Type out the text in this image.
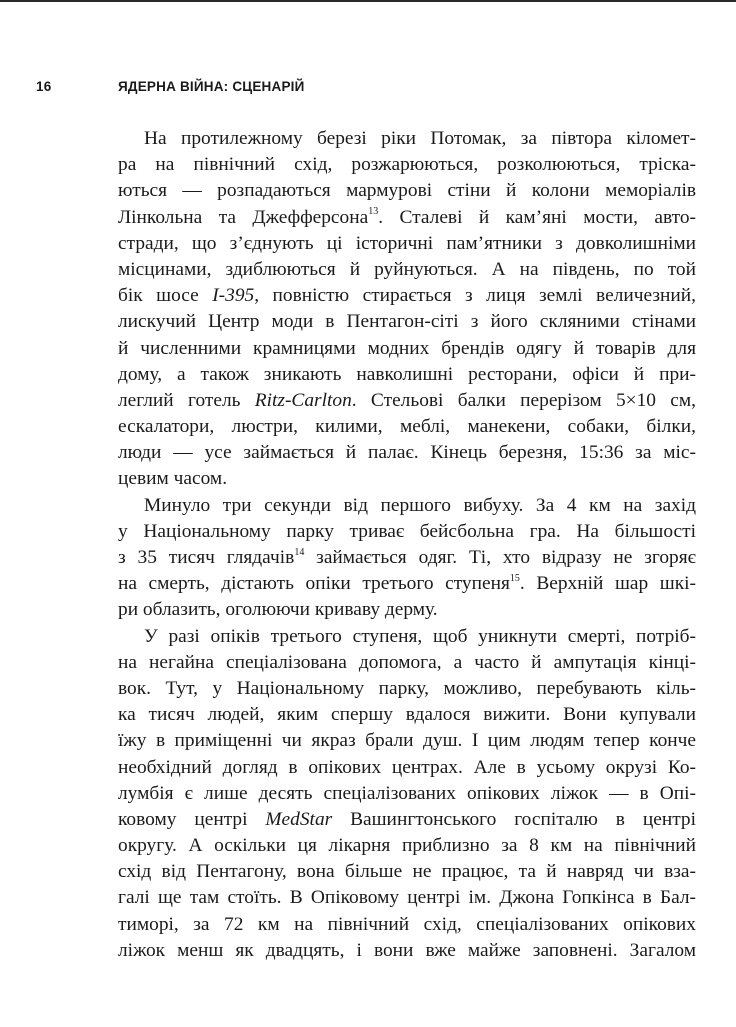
16	ЯДЕРНА ВІЙНА: СЦЕНАРІЙ
На протилежному березі ріки Потомак, за півтора кіломет-
ра на північний схід, розжарюються, розколюються, тріска-
ються — розпадаються мармурові стіни й колони меморіалів
Лінкольна та Джефферсона$^{13}$. Сталеві й кам’яні мости, авто-
стради, що з’єднують ці історичні пам’ятники з довколишніми
місцинами, здиблюються й руйнуються. А на південь, по той
бік шосе I-395, повністю стирається з лиця землі величезний,
лискучий Центр моди в Пентагон-сіті з його скляними стінами
й численними крамницями модних брендів одягу й товарів для
дому, а також зникають навколишні ресторани, офіси й при-
леглий готель Ritz-Carlton. Стельові балки перерізом 5×10 см,
ескалатори, люстри, килими, меблі, манекени, собаки, білки,
люди — усе займається й палає. Кінець березня, 15:36 за міс-
цевим часом.
Минуло три секунди від першого вибуху. За 4 км на захід
у Національному парку триває бейсбольна гра. На більшості
з 35 тисяч глядачів$^{14}$ займається одяг. Ті, хто відразу не згоряє
на смерть, дістають опіки третього ступеня$^{15}$. Верхній шар шкі-
ри облазить, оголюючи криваву дерму.
У разі опіків третього ступеня, щоб уникнути смерті, потріб-
на негайна спеціалізована допомога, а часто й ампутація кінці-
вок. Тут, у Національному парку, можливо, перебувають кіль-
ка тисяч людей, яким спершу вдалося вижити. Вони купували
їжу в приміщенні чи якраз брали душ. І цим людям тепер конче
необхідний догляд в опікових центрах. Але в усьому окрузі Ко-
лумбія є лише десять спеціалізованих опікових ліжок — в Опі-
ковому центрі MedStar Вашингтонського госпіталю в центрі
округу. А оскільки ця лікарня приблизно за 8 км на північний
схід від Пентагону, вона більше не працює, та й навряд чи вза-
галі ще там стоїть. В Опіковому центрі ім. Джона Гопкінса в Бал-
тиморі, за 72 км на північний схід, спеціалізованих опікових
ліжок менш як двадцять, і вони вже майже заповнені. Загалом
